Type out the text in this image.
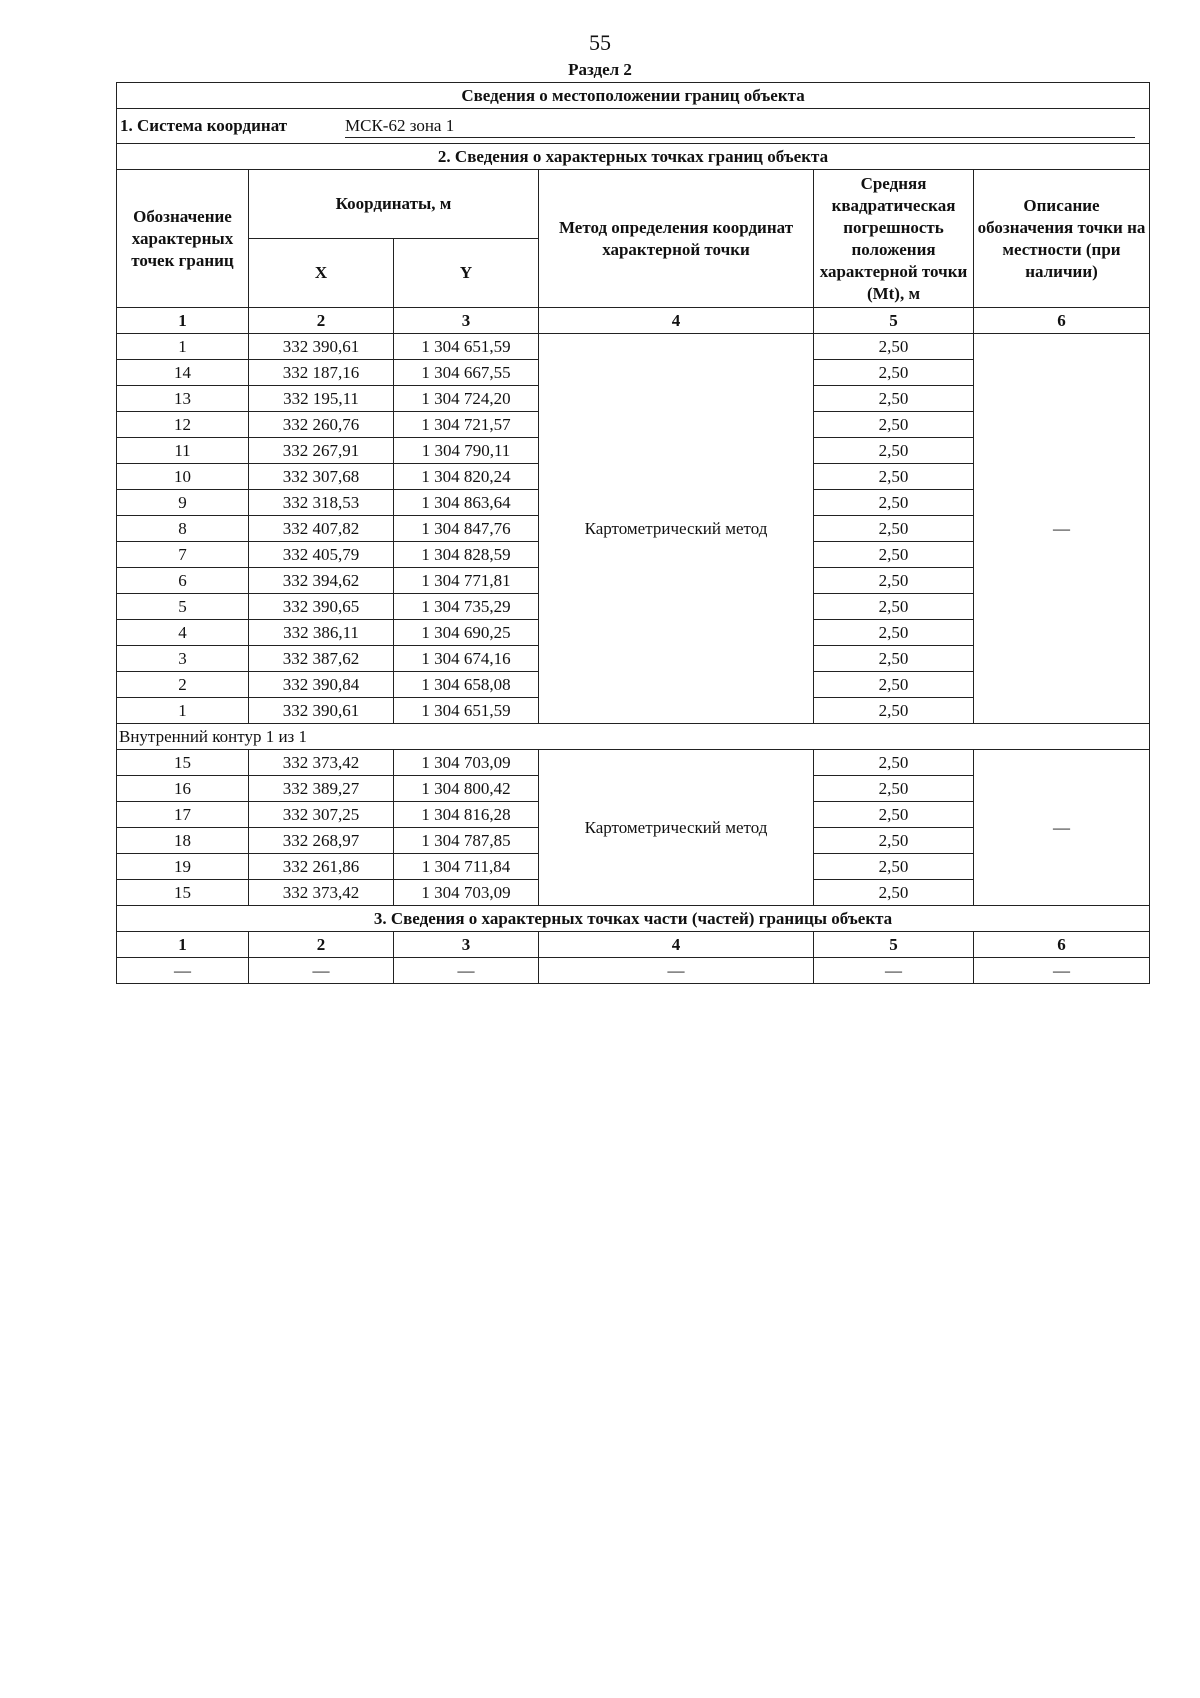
55
Раздел 2
Сведения о местоположении границ объекта					
1. Система координат МСК-62 зона 1					
2. Сведения о характерных точках границ объекта					
Обозначение характерных точек границ	Координаты, м		Метод определения координат характерной точки	Средняя квадратическая погрешность положения характерной точки (Mt), м	Описание обозначения точки на местности (при наличии)
	X	Y			
1	2	3	4	5	6
1	332 390,61	1 304 651,59	Картометрический метод	2,50	—
14	332 187,16	1 304 667,55		2,50	
13	332 195,11	1 304 724,20		2,50	
12	332 260,76	1 304 721,57		2,50	
11	332 267,91	1 304 790,11		2,50	
10	332 307,68	1 304 820,24		2,50	
9	332 318,53	1 304 863,64		2,50	
8	332 407,82	1 304 847,76		2,50	
7	332 405,79	1 304 828,59		2,50	
6	332 394,62	1 304 771,81		2,50	
5	332 390,65	1 304 735,29		2,50	
4	332 386,11	1 304 690,25		2,50	
3	332 387,62	1 304 674,16		2,50	
2	332 390,84	1 304 658,08		2,50	
1	332 390,61	1 304 651,59		2,50	
Внутренний контур 1 из 1					
15	332 373,42	1 304 703,09	Картометрический метод	2,50	—
16	332 389,27	1 304 800,42		2,50	
17	332 307,25	1 304 816,28		2,50	
18	332 268,97	1 304 787,85		2,50	
19	332 261,86	1 304 711,84		2,50	
15	332 373,42	1 304 703,09		2,50	
3. Сведения о характерных точках части (частей) границы объекта					
1	2	3	4	5	6
—	—	—	—	—	—
